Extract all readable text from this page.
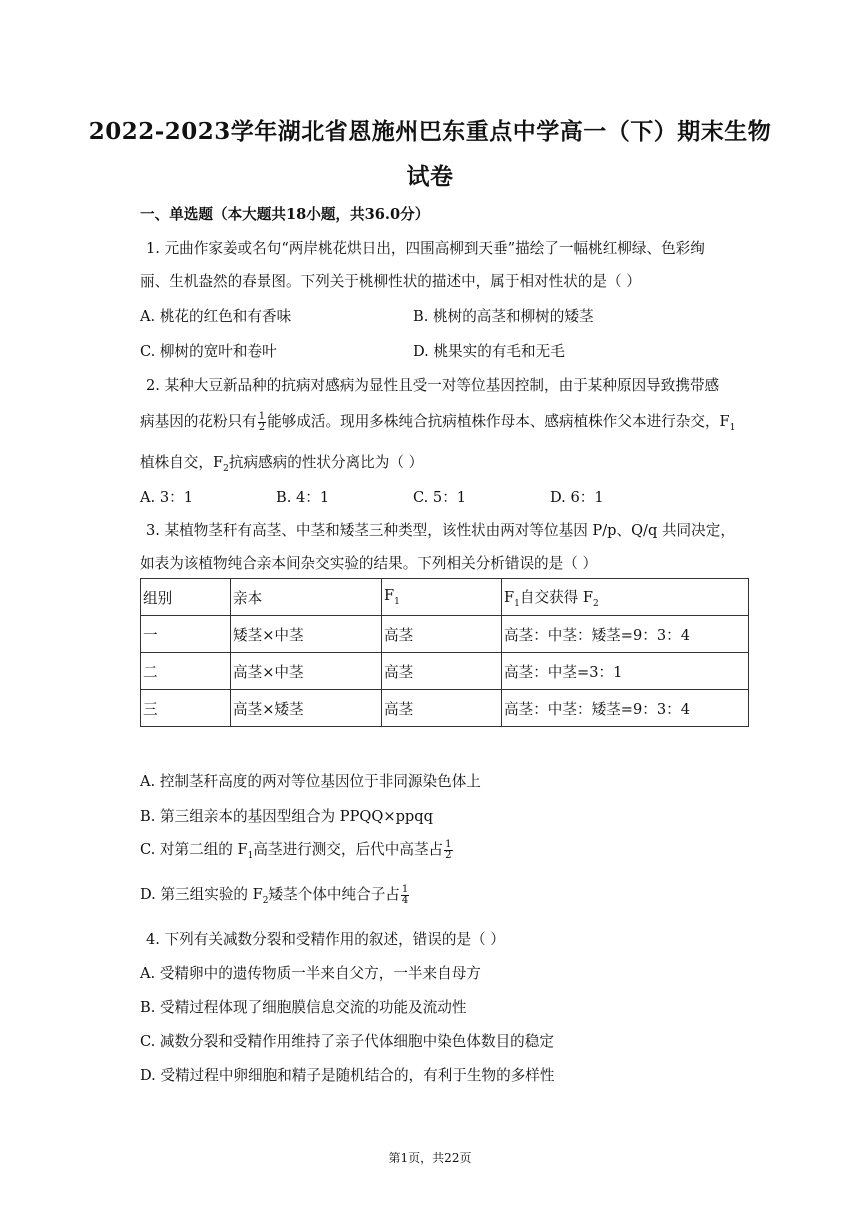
2022-2023学年湖北省恩施州巴东重点中学高一（下）期末生物
试卷
一、单选题（本大题共18小题，共36.0分）
1. 元曲作家姜或名句“两岸桃花烘日出，四围高柳到天垂”描绘了一幅桃红柳绿、色彩绚
丽、生机盎然的春景图。下列关于桃柳性状的描述中，属于相对性状的是（ ）
A. 桃花的红色和有香味	B. 桃树的高茎和柳树的矮茎
C. 柳树的宽叶和卷叶	D. 桃果实的有毛和无毛
2. 某种大豆新品种的抗病对感病为显性且受一对等位基因控制，由于某种原因导致携带感
病基因的花粉只有 $\frac{1}{2}$ 能够成活。现用多株纯合抗病植株作母本、感病植株作父本进行杂交，$F_1$
植株自交，$F_2$抗病感病的性状分离比为（ ）
A. 3：1	B. 4：1	C. 5：1	D. 6：1
3. 某植物茎秆有高茎、中茎和矮茎三种类型，该性状由两对等位基因 P/p、Q/q 共同决定，
如表为该植物纯合亲本间杂交实验的结果。下列相关分析错误的是（ ）
组别	亲本	$F_1$	$F_1$自交获得 $F_2$
一	矮茎×中茎	高茎	高茎：中茎：矮茎=9：3：4
二	高茎×中茎	高茎	高茎：中茎=3：1
三	高茎×矮茎	高茎	高茎：中茎：矮茎=9：3：4
A. 控制茎秆高度的两对等位基因位于非同源染色体上
B. 第三组亲本的基因型组合为 PPQQ×ppqq
C. 对第二组的 $F_1$高茎进行测交，后代中高茎占 $\frac{1}{2}$
D. 第三组实验的 $F_2$矮茎个体中纯合子占 $\frac{1}{4}$
4. 下列有关减数分裂和受精作用的叙述，错误的是（ ）
A. 受精卵中的遗传物质一半来自父方，一半来自母方
B. 受精过程体现了细胞膜信息交流的功能及流动性
C. 减数分裂和受精作用维持了亲子代体细胞中染色体数目的稳定
D. 受精过程中卵细胞和精子是随机结合的，有利于生物的多样性
第1页，共22页
